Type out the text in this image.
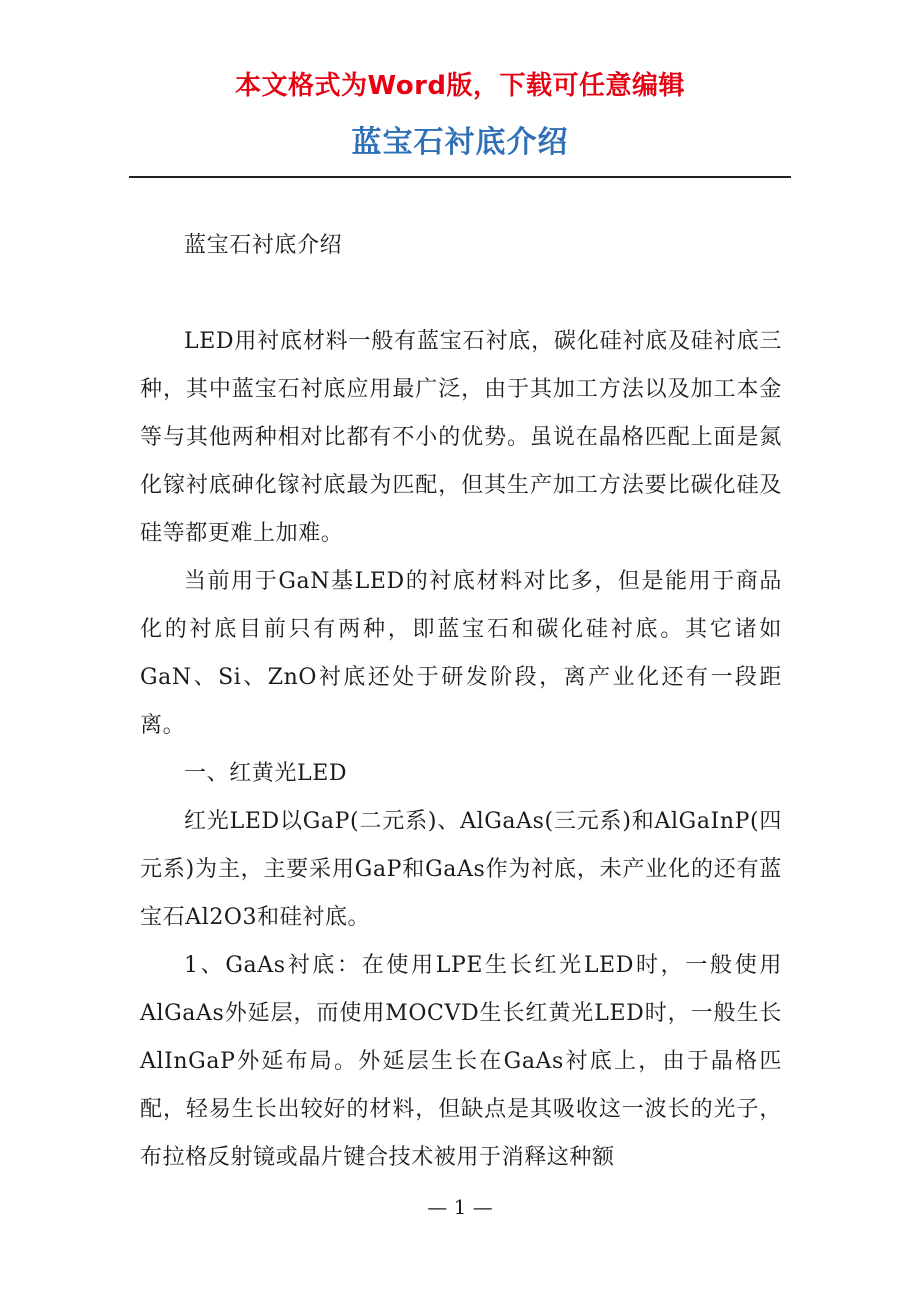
本文格式为Word版，下载可任意编辑
蓝宝石衬底介绍

蓝宝石衬底介绍

LED用衬底材料一般有蓝宝石衬底，碳化硅衬底及硅衬底三种，其中蓝宝石衬底应用最广泛，由于其加工方法以及加工本金等与其他两种相对比都有不小的优势。虽说在晶格匹配上面是氮化镓衬底砷化镓衬底最为匹配，但其生产加工方法要比碳化硅及硅等都更难上加难。

当前用于GaN基LED的衬底材料对比多，但是能用于商品化的衬底目前只有两种，即蓝宝石和碳化硅衬底。其它诸如GaN、Si、ZnO衬底还处于研发阶段，离产业化还有一段距离。

一、红黄光LED

红光LED以GaP(二元系)、AlGaAs(三元系)和AlGaInP(四元系)为主，主要采用GaP和GaAs作为衬底，未产业化的还有蓝宝石Al2O3和硅衬底。

1、GaAs衬底：在使用LPE生长红光LED时，一般使用AlGaAs外延层，而使用MOCVD生长红黄光LED时，一般生长AlInGaP外延布局。外延层生长在GaAs衬底上，由于晶格匹配，轻易生长出较好的材料，但缺点是其吸收这一波长的光子，布拉格反射镜或晶片键合技术被用于消释这种额

— 1 —
